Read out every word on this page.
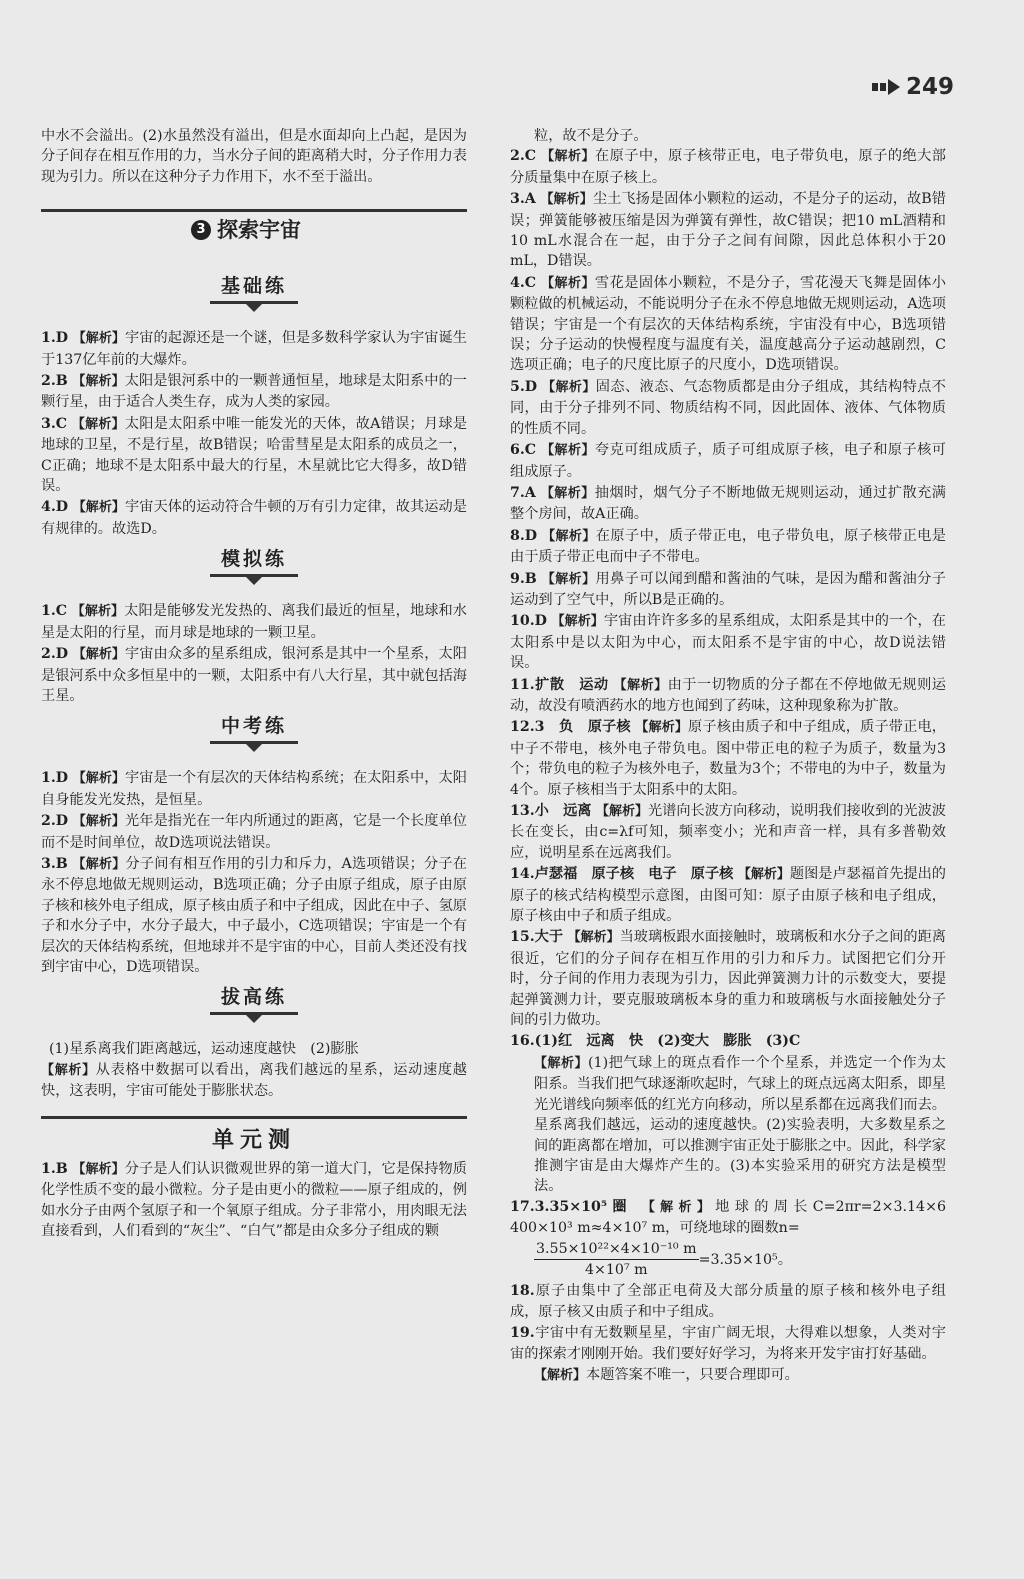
249

中水不会溢出。(2)水虽然没有溢出，但是水面却向上凸起，是因为分子间存在相互作用的力，当水分子间的距离稍大时，分子作用力表现为引力。所以在这种分子力作用下，水不至于溢出。

3 探索宇宙
基础练
1.D 【解析】宇宙的起源还是一个谜，但是多数科学家认为宇宙诞生于137亿年前的大爆炸。
2.B 【解析】太阳是银河系中的一颗普通恒星，地球是太阳系中的一颗行星，由于适合人类生存，成为人类的家园。
3.C 【解析】太阳是太阳系中唯一能发光的天体，故A错误；月球是地球的卫星，不是行星，故B错误；哈雷彗星是太阳系的成员之一，C正确；地球不是太阳系中最大的行星，木星就比它大得多，故D错误。
4.D 【解析】宇宙天体的运动符合牛顿的万有引力定律，故其运动是有规律的。故选D。
模拟练
1.C 【解析】太阳是能够发光发热的、离我们最近的恒星，地球和水星是太阳的行星，而月球是地球的一颗卫星。
2.D 【解析】宇宙由众多的星系组成，银河系是其中一个星系，太阳是银河系中众多恒星中的一颗，太阳系中有八大行星，其中就包括海王星。
中考练
1.D 【解析】宇宙是一个有层次的天体结构系统；在太阳系中，太阳自身能发光发热，是恒星。
2.D 【解析】光年是指光在一年内所通过的距离，它是一个长度单位而不是时间单位，故D选项说法错误。
3.B 【解析】分子间有相互作用的引力和斥力，A选项错误；分子在永不停息地做无规则运动，B选项正确；分子由原子组成，原子由原子核和核外电子组成，原子核由质子和中子组成，因此在中子、氢原子和水分子中，水分子最大，中子最小，C选项错误；宇宙是一个有层次的天体结构系统，但地球并不是宇宙的中心，目前人类还没有找到宇宙中心，D选项错误。
拔高练

(1)星系离我们距离越远，运动速度越快　(2)膨胀

【解析】从表格中数据可以看出，离我们越远的星系，运动速度越快，这表明，宇宙可能处于膨胀状态。

单元测
1.B 【解析】分子是人们认识微观世界的第一道大门，它是保持物质化学性质不变的最小微粒。分子是由更小的微粒——原子组成的，例如水分子由两个氢原子和一个氧原子组成。分子非常小，用肉眼无法直接看到，人们看到的“灰尘”、“白气”都是由众多分子组成的颗

粒，故不是分子。

2.C 【解析】在原子中，原子核带正电，电子带负电，原子的绝大部分质量集中在原子核上。
3.A 【解析】尘土飞扬是固体小颗粒的运动，不是分子的运动，故B错误；弹簧能够被压缩是因为弹簧有弹性，故C错误；把10 mL酒精和10 mL水混合在一起，由于分子之间有间隙，因此总体积小于20 mL，D错误。
4.C 【解析】雪花是固体小颗粒，不是分子，雪花漫天飞舞是固体小颗粒做的机械运动，不能说明分子在永不停息地做无规则运动，A选项错误；宇宙是一个有层次的天体结构系统，宇宙没有中心，B选项错误；分子运动的快慢程度与温度有关，温度越高分子运动越剧烈，C选项正确；电子的尺度比原子的尺度小，D选项错误。
5.D 【解析】固态、液态、气态物质都是由分子组成，其结构特点不同，由于分子排列不同、物质结构不同，因此固体、液体、气体物质的性质不同。
6.C 【解析】夸克可组成质子，质子可组成原子核，电子和原子核可组成原子。
7.A 【解析】抽烟时，烟气分子不断地做无规则运动，通过扩散充满整个房间，故A正确。
8.D 【解析】在原子中，质子带正电，电子带负电，原子核带正电是由于质子带正电而中子不带电。
9.B 【解析】用鼻子可以闻到醋和酱油的气味，是因为醋和酱油分子运动到了空气中，所以B是正确的。
10.D 【解析】宇宙由许许多多的星系组成，太阳系是其中的一个，在太阳系中是以太阳为中心，而太阳系不是宇宙的中心，故D说法错误。
11.扩散　运动 【解析】由于一切物质的分子都在不停地做无规则运动，故没有喷洒药水的地方也闻到了药味，这种现象称为扩散。
12.3　负　原子核 【解析】原子核由质子和中子组成，质子带正电，中子不带电，核外电子带负电。图中带正电的粒子为质子，数量为3个；带负电的粒子为核外电子，数量为3个；不带电的为中子，数量为4个。原子核相当于太阳系中的太阳。
13.小　远离 【解析】光谱向长波方向移动，说明我们接收到的光波波长在变长，由c=λf可知，频率变小；光和声音一样，具有多普勒效应，说明星系在远离我们。
14.卢瑟福　原子核　电子　原子核 【解析】题图是卢瑟福首先提出的原子的核式结构模型示意图，由图可知：原子由原子核和电子组成，原子核由中子和质子组成。
15.大于 【解析】当玻璃板跟水面接触时，玻璃板和水分子之间的距离很近，它们的分子间存在相互作用的引力和斥力。试图把它们分开时，分子间的作用力表现为引力，因此弹簧测力计的示数变大，要提起弹簧测力计，要克服玻璃板本身的重力和玻璃板与水面接触处分子间的引力做功。
16.(1)红　远离　快　(2)变大　膨胀　(3)C

【解析】(1)把气球上的斑点看作一个个星系，并选定一个作为太阳系。当我们把气球逐渐吹起时，气球上的斑点远离太阳系，即星光光谱线向频率低的红光方向移动，所以星系都在远离我们而去。星系离我们越远，运动的速度越快。(2)实验表明，大多数星系之间的距离都在增加，可以推测宇宙正处于膨胀之中。因此，科学家推测宇宙是由大爆炸产生的。(3)本实验采用的研究方法是模型法。

17.3.35×10⁵圈 【解析】地球的周长C=2πr=2×3.14×6 400×10³ m≈4×10⁷ m，可绕地球的圈数n=

$\frac{\text{3.55×10²²×4×10⁻¹⁰ m}}{\text{4×10⁷ m}} =3.35\times 10^5$。
18.原子由集中了全部正电荷及大部分质量的原子核和核外电子组成，原子核又由质子和中子组成。
19.宇宙中有无数颗星星，宇宙广阔无垠，大得难以想象，人类对宇宙的探索才刚刚开始。我们要好好学习，为将来开发宇宙打好基础。

【解析】本题答案不唯一，只要合理即可。
